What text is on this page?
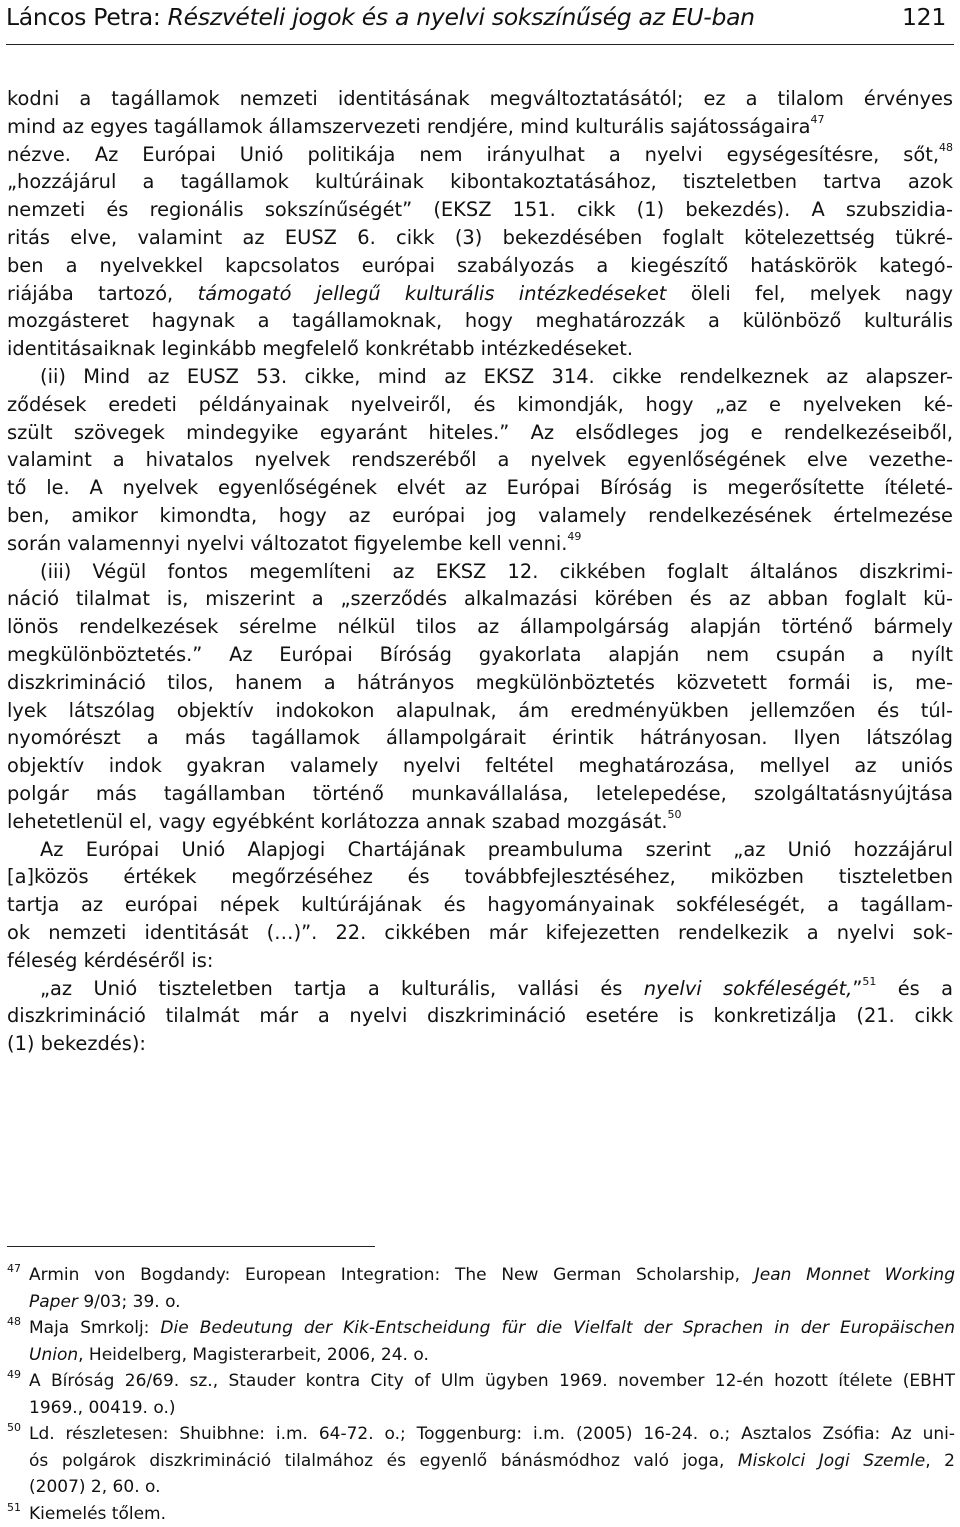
Láncos Petra: Részvételi jogok és a nyelvi sokszínűség az EU-ban	121
kodni a tagállamok nemzeti identitásának megváltoztatásától; ez a tilalom érvényes
mind az egyes tagállamok államszervezeti rendjére, mind kulturális sajátosságaira$^{47}$
nézve. Az Európai Unió politikája nem irányulhat a nyelvi egységesítésre, sőt,$^{48}$
„hozzájárul a tagállamok kultúráinak kibontakoztatásához, tiszteletben tartva azok
nemzeti és regionális sokszínűségét” (EKSZ 151. cikk (1) bekezdés). A szubszidia-
ritás elve, valamint az EUSZ 6. cikk (3) bekezdésében foglalt kötelezettség tükré-
ben a nyelvekkel kapcsolatos európai szabályozás a kiegészítő hatáskörök kategó-
riájába tartozó, támogató jellegű kulturális intézkedéseket öleli fel, melyek nagy
mozgásteret hagynak a tagállamoknak, hogy meghatározzák a különböző kulturális
identitásaiknak leginkább megfelelő konkrétabb intézkedéseket.
(ii) Mind az EUSZ 53. cikke, mind az EKSZ 314. cikke rendelkeznek az alapszer-
ződések eredeti példányainak nyelveiről, és kimondják, hogy „az e nyelveken ké-
szült szövegek mindegyike egyaránt hiteles.” Az elsődleges jog e rendelkezéseiből,
valamint a hivatalos nyelvek rendszeréből a nyelvek egyenlőségének elve vezethe-
tő le. A nyelvek egyenlőségének elvét az Európai Bíróság is megerősítette ítéleté-
ben, amikor kimondta, hogy az európai jog valamely rendelkezésének értelmezése
során valamennyi nyelvi változatot figyelembe kell venni.$^{49}$
(iii) Végül fontos megemlíteni az EKSZ 12. cikkében foglalt általános diszkrimi-
náció tilalmat is, miszerint a „szerződés alkalmazási körében és az abban foglalt kü-
lönös rendelkezések sérelme nélkül tilos az állampolgárság alapján történő bármely
megkülönböztetés.” Az Európai Bíróság gyakorlata alapján nem csupán a nyílt
diszkrimináció tilos, hanem a hátrányos megkülönböztetés közvetett formái is, me-
lyek látszólag objektív indokokon alapulnak, ám eredményükben jellemzően és túl-
nyomórészt a más tagállamok állampolgárait érintik hátrányosan. Ilyen látszólag
objektív indok gyakran valamely nyelvi feltétel meghatározása, mellyel az uniós
polgár más tagállamban történő munkavállalása, letelepedése, szolgáltatásnyújtása
lehetetlenül el, vagy egyébként korlátozza annak szabad mozgását.$^{50}$
Az Európai Unió Alapjogi Chartájának preambuluma szerint „az Unió hozzájárul
[a]közös értékek megőrzéséhez és továbbfejlesztéséhez, miközben tiszteletben
tartja az európai népek kultúrájának és hagyományainak sokféleségét, a tagállam-
ok nemzeti identitását (…)”. 22. cikkében már kifejezetten rendelkezik a nyelvi sok-
féleség kérdéséről is:
„az Unió tiszteletben tartja a kulturális, vallási és nyelvi sokféleségét,”$^{51}$ és a
diszkrimináció tilalmát már a nyelvi diszkrimináció esetére is konkretizálja (21. cikk
(1) bekezdés):
47 Armin von Bogdandy: European Integration: The New German Scholarship, Jean Monnet Working
Paper 9/03; 39. o.
48 Maja Smrkolj: Die Bedeutung der Kik-Entscheidung für die Vielfalt der Sprachen in der Europäischen
Union, Heidelberg, Magisterarbeit, 2006, 24. o.
49 A Bíróság 26/69. sz., Stauder kontra City of Ulm ügyben 1969. november 12-én hozott ítélete (EBHT
1969., 00419. o.)
50 Ld. részletesen: Shuibhne: i.m. 64-72. o.; Toggenburg: i.m. (2005) 16-24. o.; Asztalos Zsófia: Az uni-
ós polgárok diszkrimináció tilalmához és egyenlő bánásmódhoz való joga, Miskolci Jogi Szemle, 2
(2007) 2, 60. o.
51 Kiemelés tőlem.
